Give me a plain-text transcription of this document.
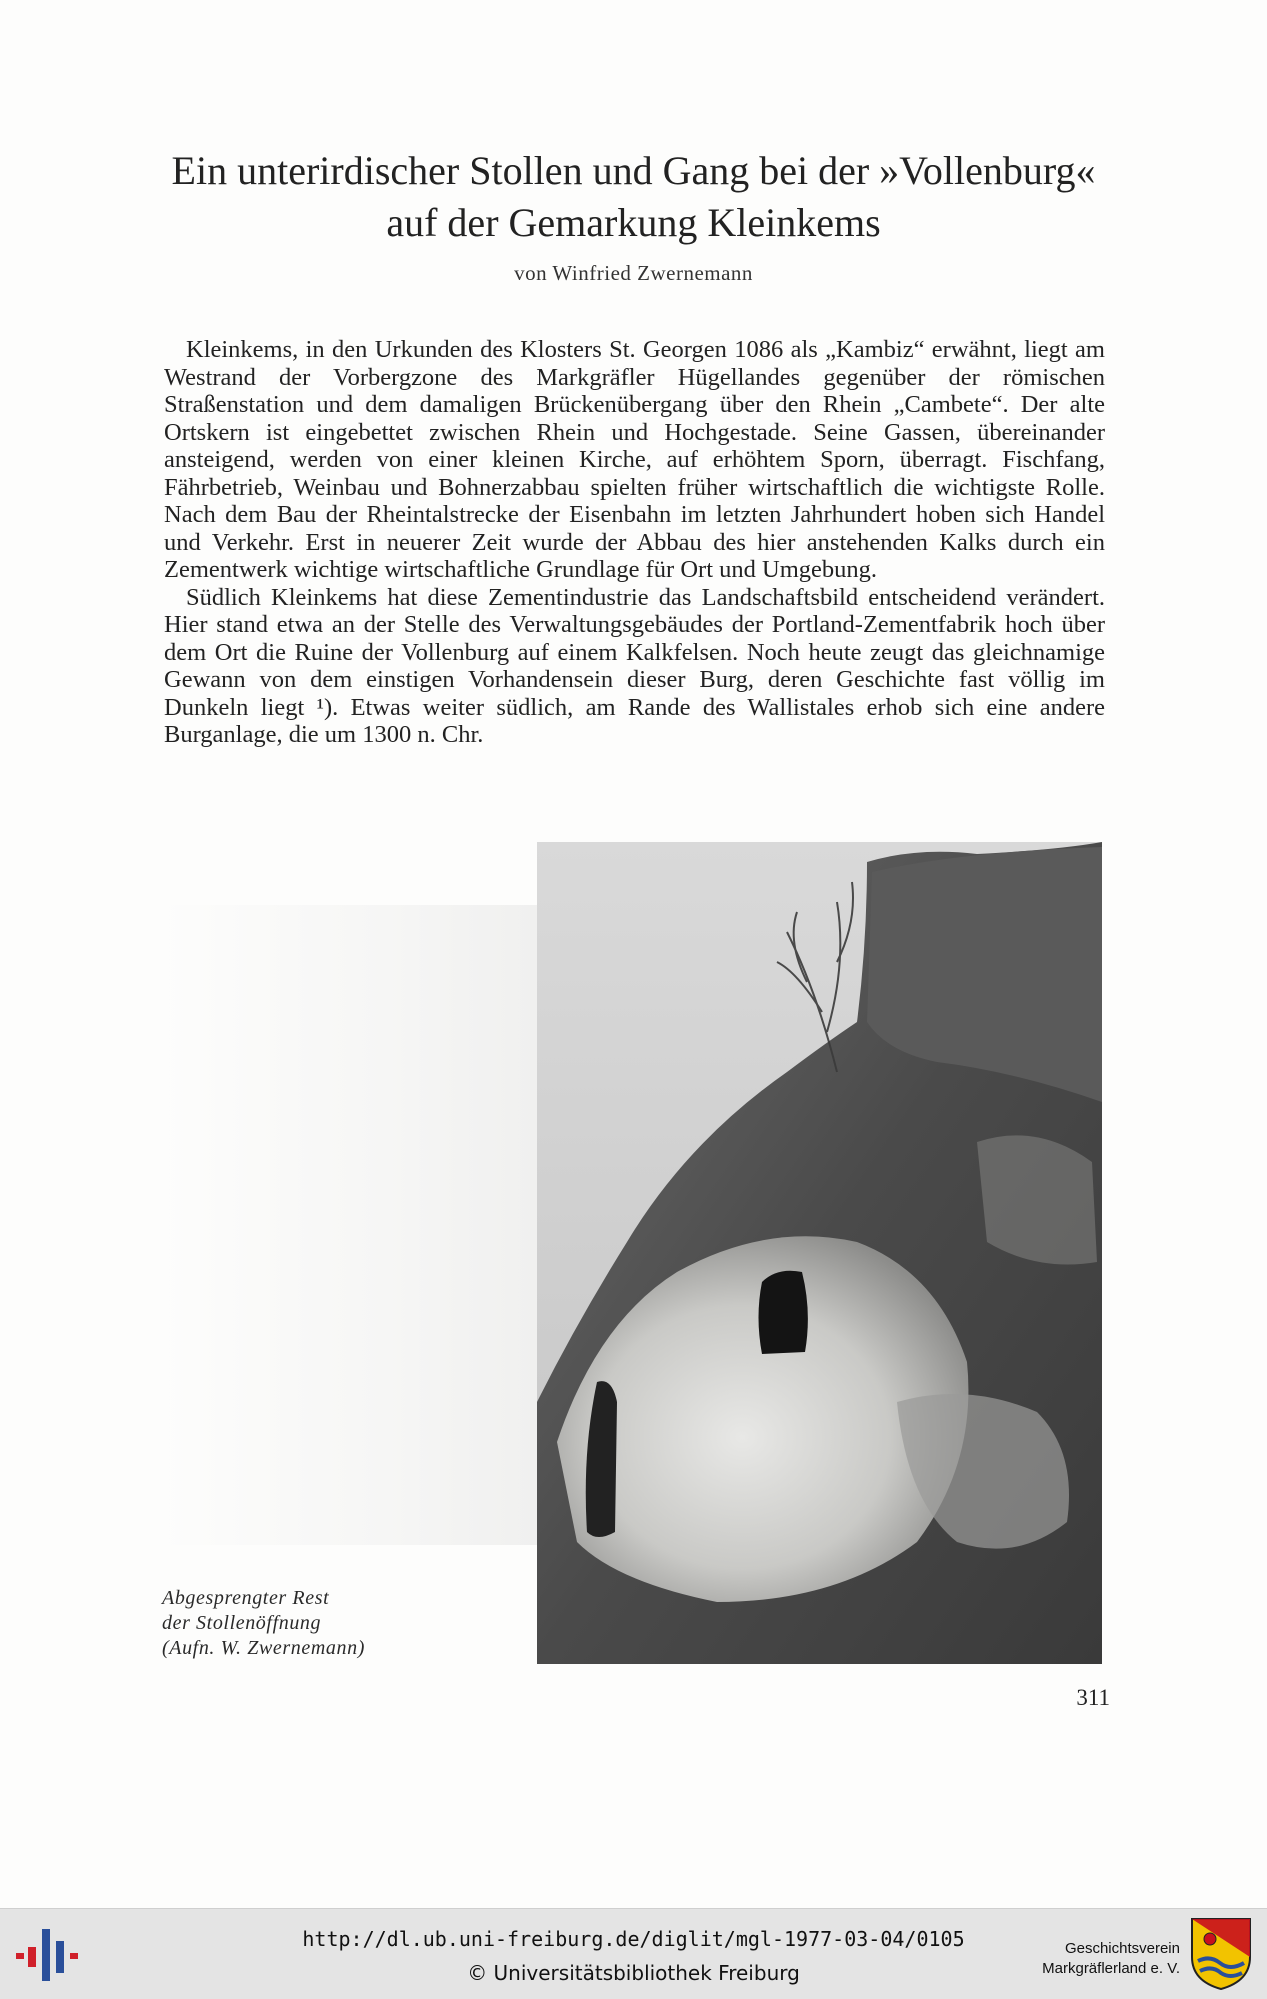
Ein unterirdischer Stollen und Gang bei der »Vollenburg«
auf der Gemarkung Kleinkems
von Winfried Zwernemann

Kleinkems, in den Urkunden des Klosters St. Georgen 1086 als „Kambiz“ erwähnt, liegt am Westrand der Vorbergzone des Markgräfler Hügellandes gegenüber der römischen Straßenstation und dem damaligen Brückenübergang über den Rhein „Cambete“. Der alte Ortskern ist eingebettet zwischen Rhein und Hochgestade. Seine Gassen, übereinander ansteigend, werden von einer kleinen Kirche, auf erhöhtem Sporn, überragt. Fischfang, Fährbetrieb, Weinbau und Bohnerzabbau spielten früher wirtschaftlich die wichtigste Rolle. Nach dem Bau der Rheintalstrecke der Eisenbahn im letzten Jahrhundert hoben sich Handel und Verkehr. Erst in neuerer Zeit wurde der Abbau des hier anstehenden Kalks durch ein Zementwerk wichtige wirtschaftliche Grundlage für Ort und Umgebung.

Südlich Kleinkems hat diese Zementindustrie das Landschaftsbild entscheidend verändert. Hier stand etwa an der Stelle des Verwaltungsgebäudes der Portland-Zementfabrik hoch über dem Ort die Ruine der Vollenburg auf einem Kalkfelsen. Noch heute zeugt das gleichnamige Gewann von dem einstigen Vorhandensein dieser Burg, deren Geschichte fast völlig im Dunkeln liegt ¹). Etwas weiter südlich, am Rande des Wallistales erhob sich eine andere Burganlage, die um 1300 n. Chr.

Abgesprengter Rest
der Stollenöffnung
(Aufn. W. Zwernemann)
311
http://dl.ub.uni-freiburg.de/diglit/mgl-1977-03-04/0105
© Universitätsbibliothek Freiburg
Geschichtsverein
Markgräflerland e. V.
